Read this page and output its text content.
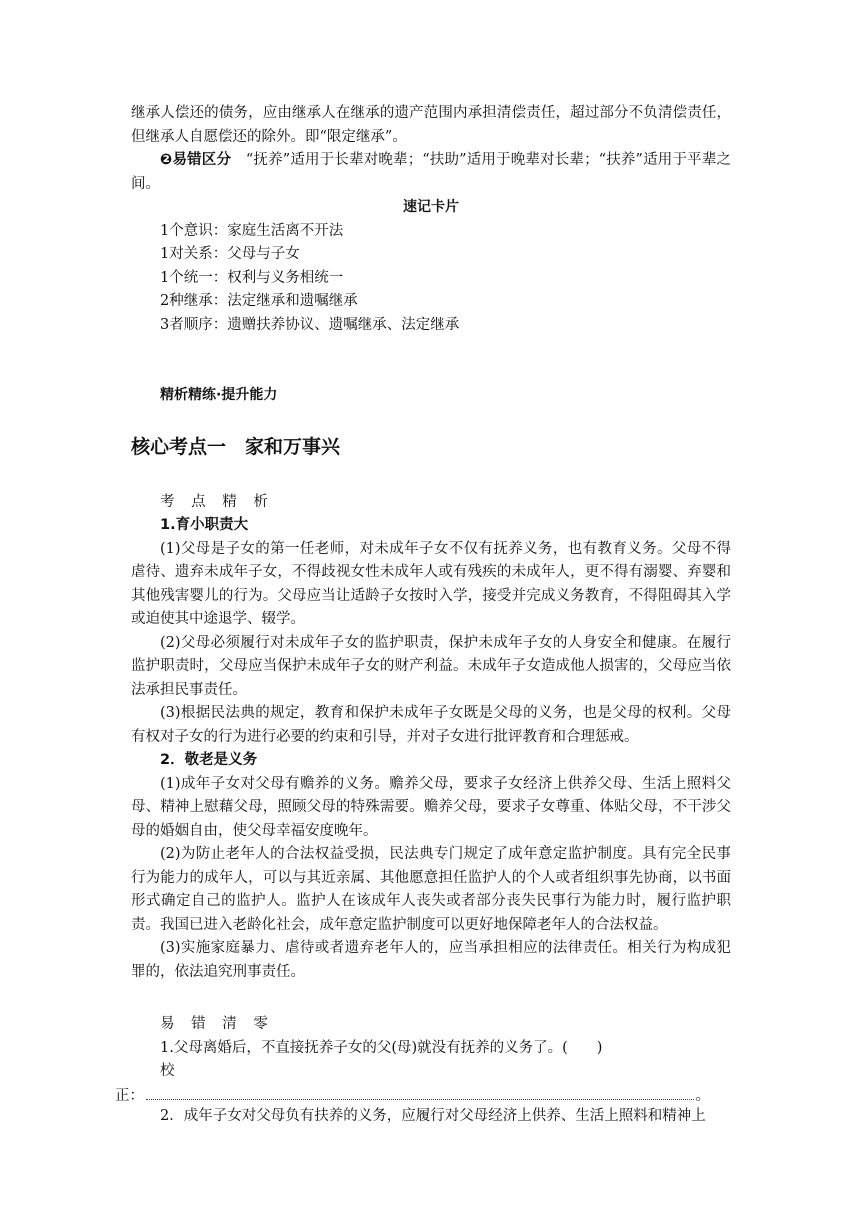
继承人偿还的债务，应由继承人在继承的遗产范围内承担清偿责任，超过部分不负清偿责任，但继承人自愿偿还的除外。即“限定继承”。

❷易错区分　“抚养”适用于长辈对晚辈；“扶助”适用于晚辈对长辈；“扶养”适用于平辈之间。

速记卡片

1个意识：家庭生活离不开法

1对关系：父母与子女

1个统一：权利与义务相统一

2种继承：法定继承和遗嘱继承

3者顺序：遗赠扶养协议、遗嘱继承、法定继承

精析精练·提升能力

核心考点一　家和万事兴

考 点 精 析

1.育小职责大

(1)父母是子女的第一任老师，对未成年子女不仅有抚养义务，也有教育义务。父母不得虐待、遗弃未成年子女，不得歧视女性未成年人或有残疾的未成年人，更不得有溺婴、弃婴和其他残害婴儿的行为。父母应当让适龄子女按时入学，接受并完成义务教育，不得阻碍其入学或迫使其中途退学、辍学。

(2)父母必须履行对未成年子女的监护职责，保护未成年子女的人身安全和健康。在履行监护职责时，父母应当保护未成年子女的财产利益。未成年子女造成他人损害的，父母应当依法承担民事责任。

(3)根据民法典的规定，教育和保护未成年子女既是父母的义务，也是父母的权利。父母有权对子女的行为进行必要的约束和引导，并对子女进行批评教育和合理惩戒。

2．敬老是义务

(1)成年子女对父母有赡养的义务。赡养父母，要求子女经济上供养父母、生活上照料父母、精神上慰藉父母，照顾父母的特殊需要。赡养父母，要求子女尊重、体贴父母，不干涉父母的婚姻自由，使父母幸福安度晚年。

(2)为防止老年人的合法权益受损，民法典专门规定了成年意定监护制度。具有完全民事行为能力的成年人，可以与其近亲属、其他愿意担任监护人的个人或者组织事先协商，以书面形式确定自己的监护人。监护人在该成年人丧失或者部分丧失民事行为能力时，履行监护职责。我国已进入老龄化社会，成年意定监护制度可以更好地保障老年人的合法权益。

(3)实施家庭暴力、虐待或者遗弃老年人的，应当承担相应的法律责任。相关行为构成犯罪的，依法追究刑事责任。

易 错 清 零

1.父母离婚后，不直接抚养子女的父(母)就没有抚养的义务了。(　　)

校

正：	。

2．成年子女对父母负有扶养的义务，应履行对父母经济上供养、生活上照料和精神上
